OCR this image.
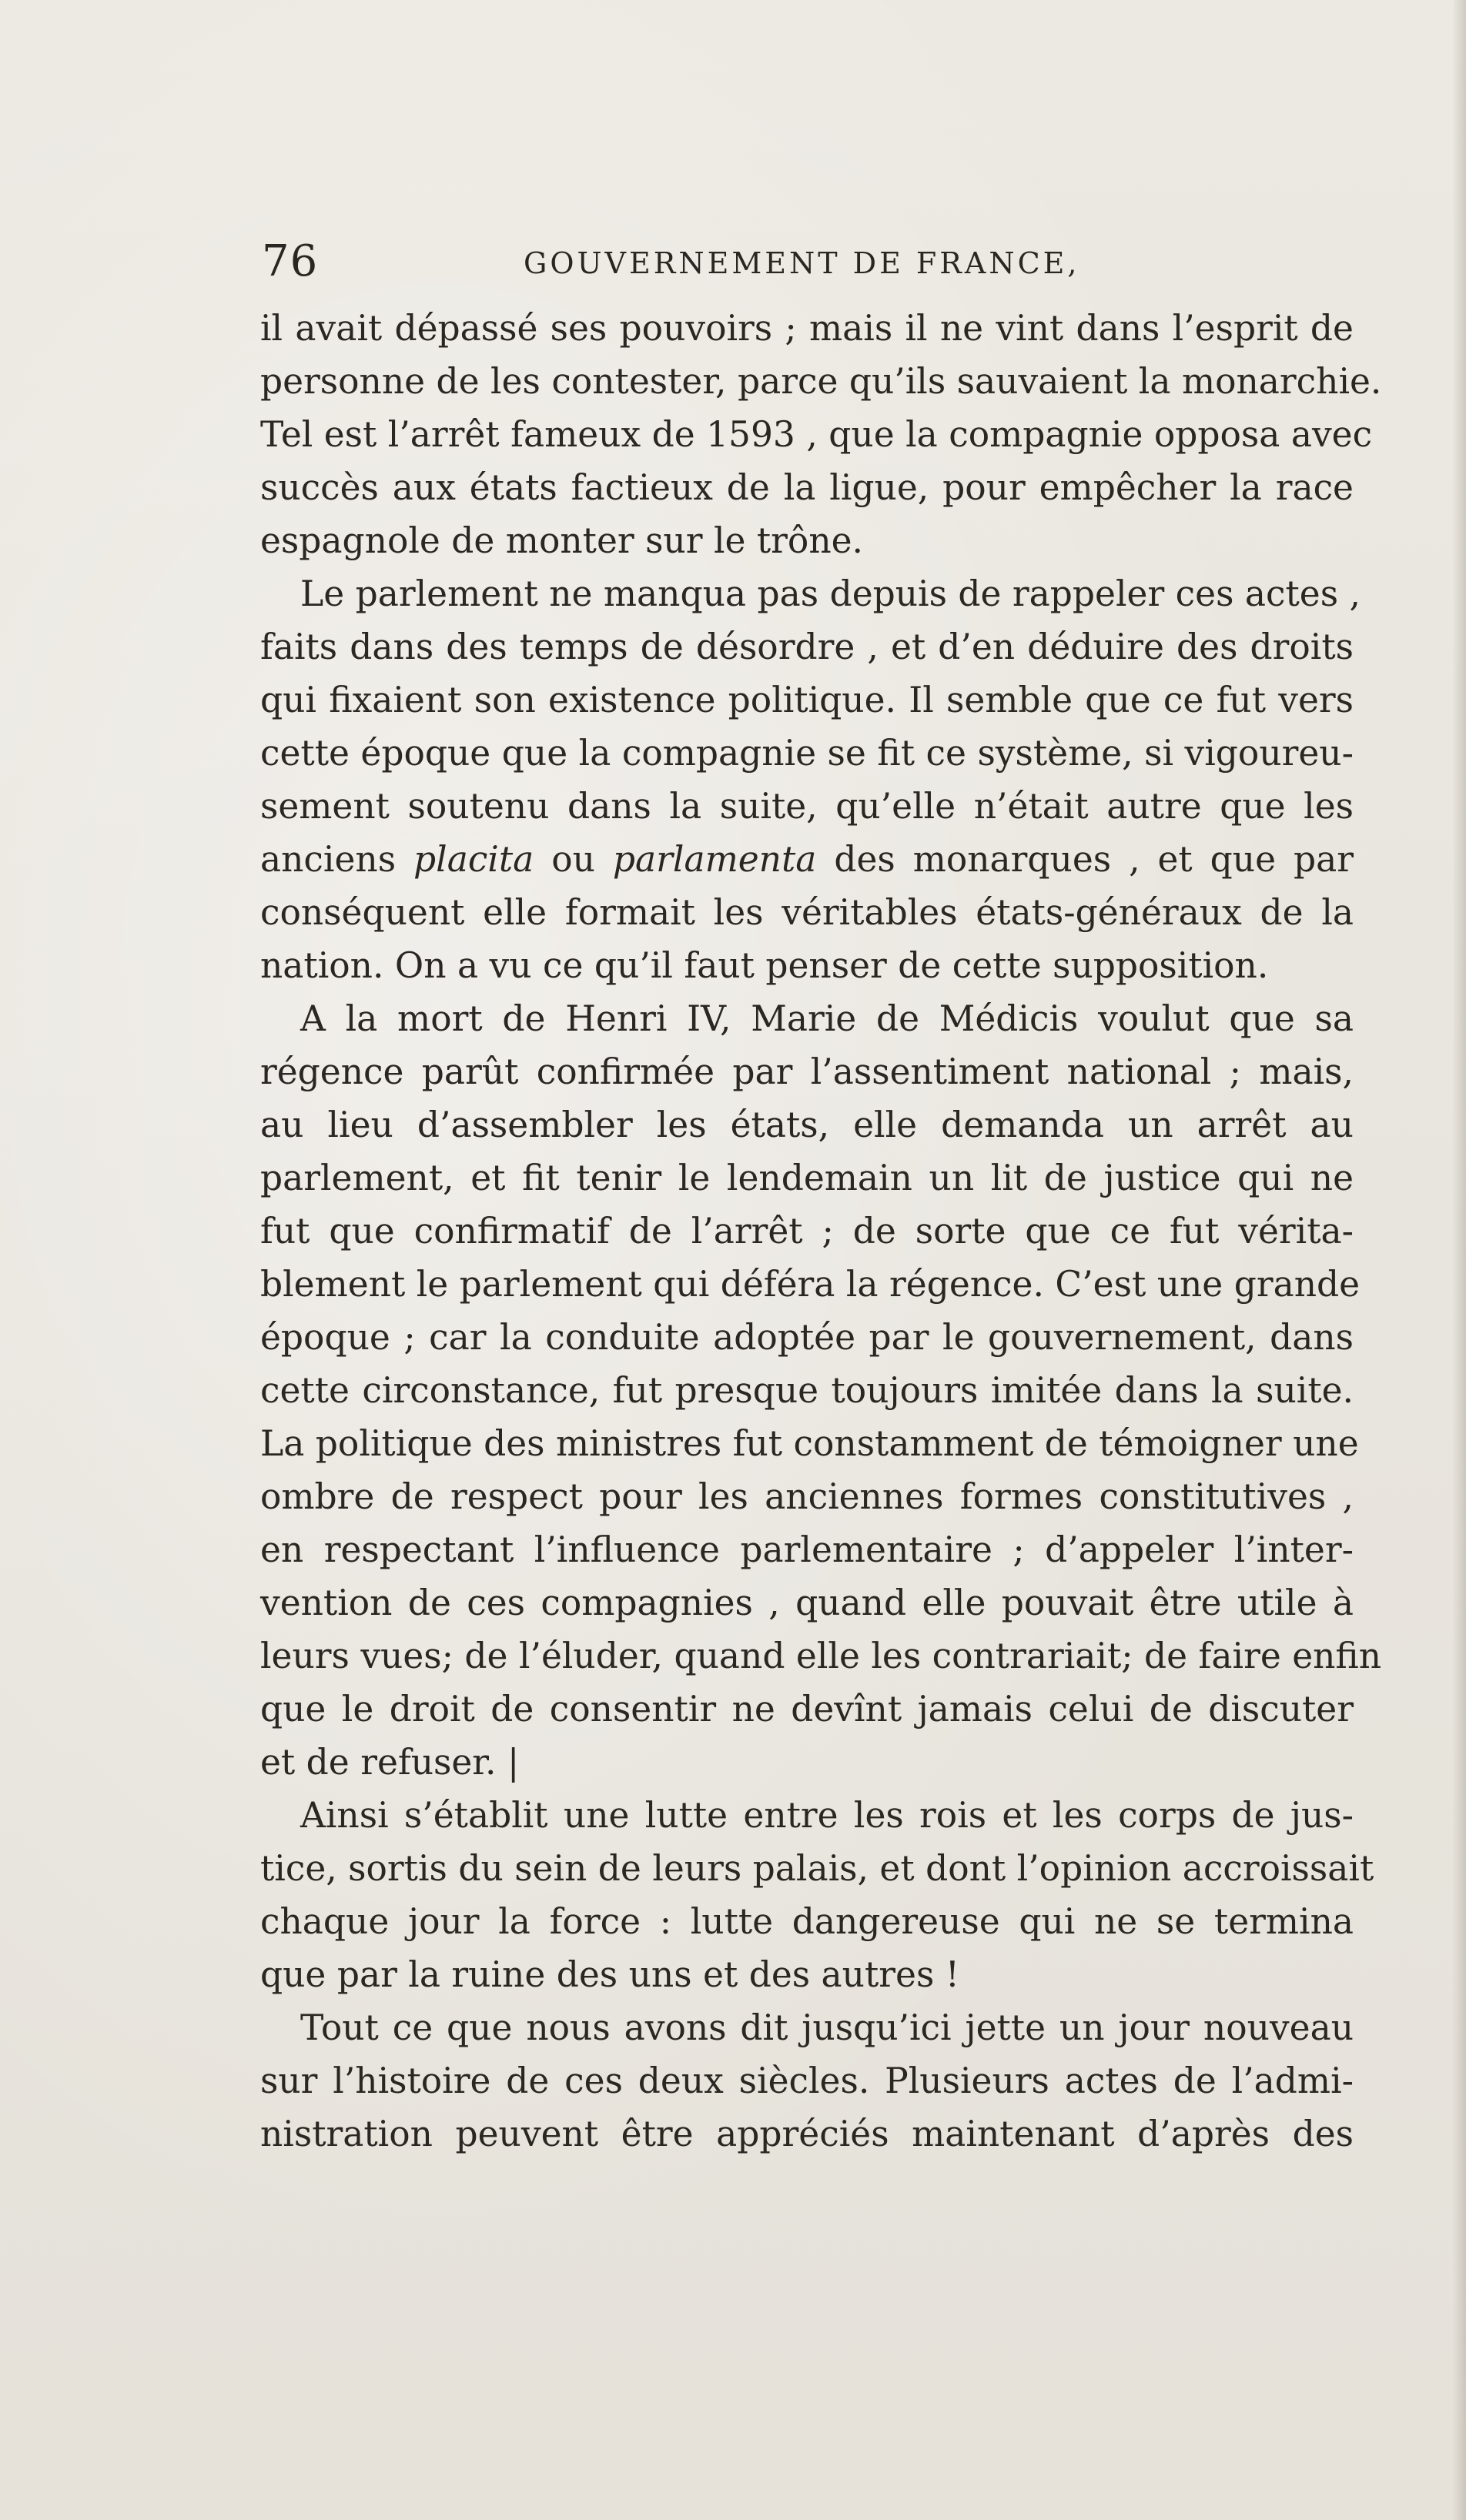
76	GOUVERNEMENT DE FRANCE,
il avait dépassé ses pouvoirs ; mais il ne vint dans l’esprit de
personne de les contester, parce qu’ils sauvaient la monarchie.
Tel est l’arrêt fameux de 1593 , que la compagnie opposa avec
succès aux états factieux de la ligue, pour empêcher la race
espagnole de monter sur le trône.
Le parlement ne manqua pas depuis de rappeler ces actes ,
faits dans des temps de désordre , et d’en déduire des droits
qui fixaient son existence politique. Il semble que ce fut vers
cette époque que la compagnie se fit ce système, si vigoureu-
sement soutenu dans la suite, qu’elle n’était autre que les
anciens placita ou parlamenta des monarques , et que par
conséquent elle formait les véritables états-généraux de la
nation. On a vu ce qu’il faut penser de cette supposition.
A la mort de Henri IV, Marie de Médicis voulut que sa
régence parût confirmée par l’assentiment national ; mais,
au lieu d’assembler les états, elle demanda un arrêt au
parlement, et fit tenir le lendemain un lit de justice qui ne
fut que confirmatif de l’arrêt ; de sorte que ce fut vérita-
blement le parlement qui déféra la régence. C’est une grande
époque ; car la conduite adoptée par le gouvernement, dans
cette circonstance, fut presque toujours imitée dans la suite.
La politique des ministres fut constamment de témoigner une
ombre de respect pour les anciennes formes constitutives ,
en respectant l’influence parlementaire ; d’appeler l’inter-
vention de ces compagnies , quand elle pouvait être utile à
leurs vues; de l’éluder, quand elle les contrariait; de faire enfin
que le droit de consentir ne devînt jamais celui de discuter
et de refuser. |
Ainsi s’établit une lutte entre les rois et les corps de jus-
tice, sortis du sein de leurs palais, et dont l’opinion accroissait
chaque jour la force : lutte dangereuse qui ne se termina
que par la ruine des uns et des autres !
Tout ce que nous avons dit jusqu’ici jette un jour nouveau
sur l’histoire de ces deux siècles. Plusieurs actes de l’admi-
nistration peuvent être appréciés maintenant d’après des
